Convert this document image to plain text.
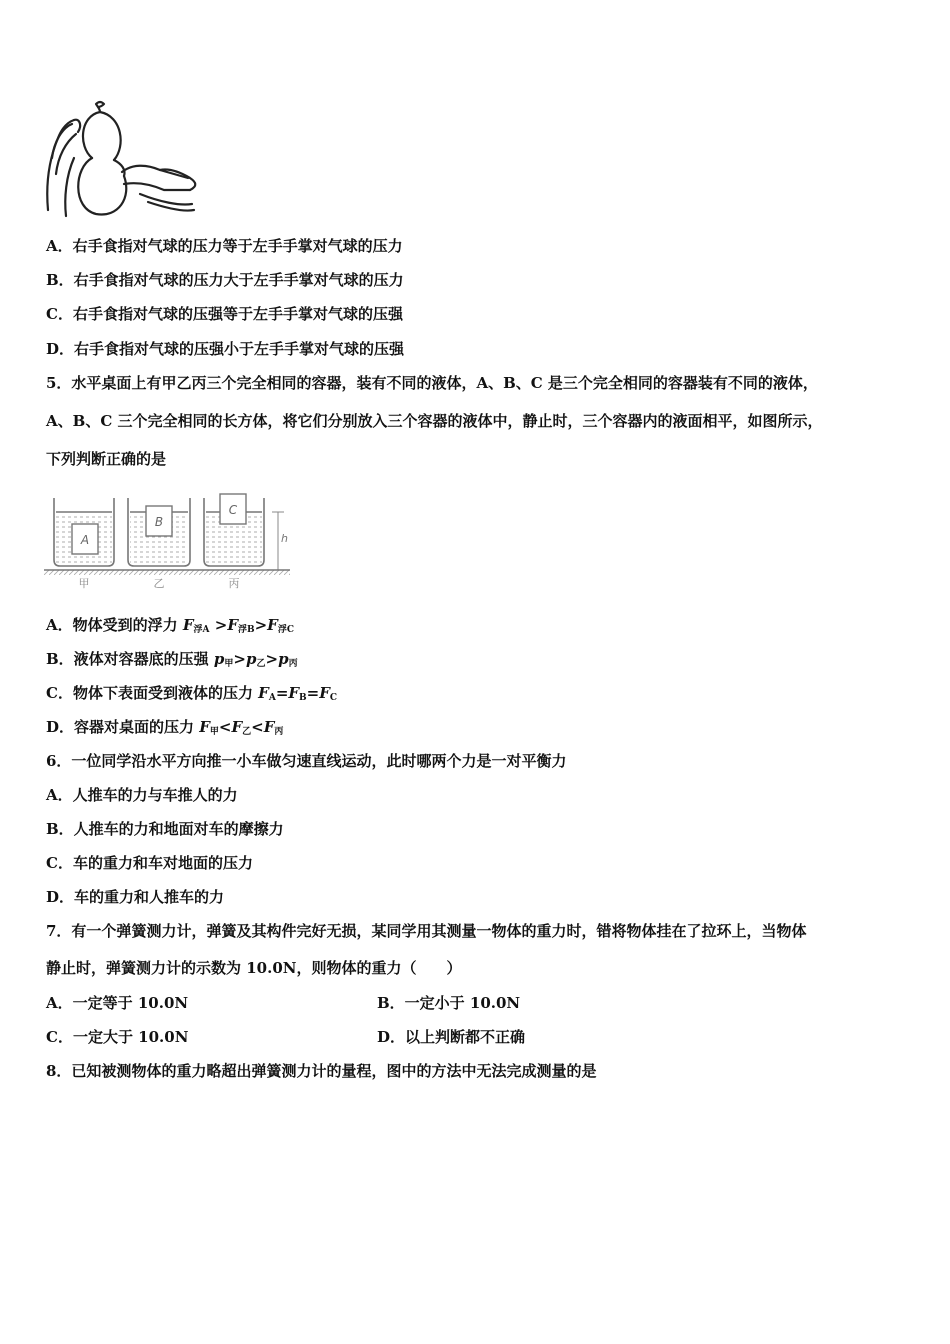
A．右手食指对气球的压力等于左手手掌对气球的压力
B．右手食指对气球的压力大于左手手掌对气球的压力
C．右手食指对气球的压强等于左手手掌对气球的压强
D．右手食指对气球的压强小于左手手掌对气球的压强
5．水平桌面上有甲乙丙三个完全相同的容器，装有不同的液体，A、B、C 是三个完全相同的容器装有不同的液体，
A、B、C 三个完全相同的长方体，将它们分别放入三个容器的液体中，静止时，三个容器内的液面相平，如图所示，
下列判断正确的是
A
B
C
h
甲	乙	丙
A．物体受到的浮力 $F_{浮A} >F_{浮B}>F_{浮C}$
B．液体对容器底的压强 $p_甲>p_乙>p_丙$
C．物体下表面受到液体的压力 $F_A=F_B=F_C$
D．容器对桌面的压力 $F_甲<F_乙<F_丙$
6．一位同学沿水平方向推一小车做匀速直线运动，此时哪两个力是一对平衡力
A．人推车的力与车推人的力
B．人推车的力和地面对车的摩擦力
C．车的重力和车对地面的压力
D．车的重力和人推车的力
7．有一个弹簧测力计，弹簧及其构件完好无损，某同学用其测量一物体的重力时，错将物体挂在了拉环上，当物体
静止时，弹簧测力计的示数为 10.0N，则物体的重力（　　）
A．一定等于 10.0N	B．一定小于 10.0N
C．一定大于 10.0N	D．以上判断都不正确
8．已知被测物体的重力略超出弹簧测力计的量程，图中的方法中无法完成测量的是
